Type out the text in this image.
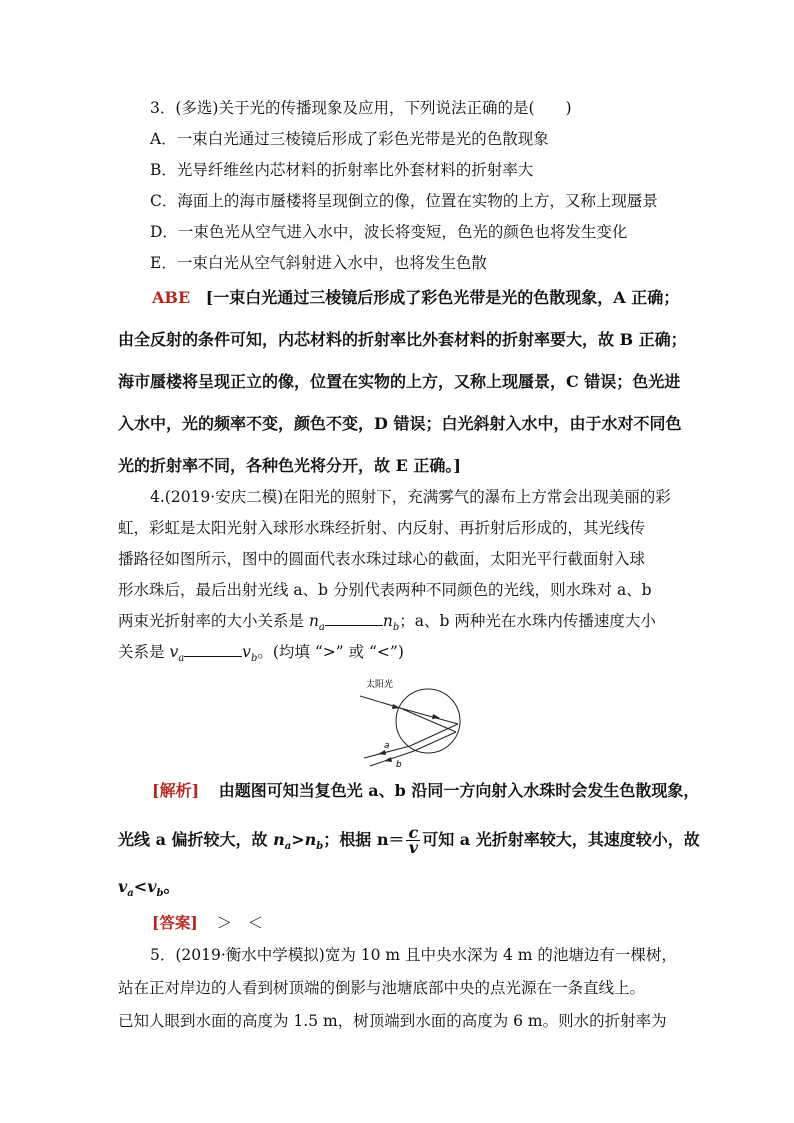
3．(多选)关于光的传播现象及应用，下列说法正确的是(　　)
A．一束白光通过三棱镜后形成了彩色光带是光的色散现象
B．光导纤维丝内芯材料的折射率比外套材料的折射率大
C．海面上的海市蜃楼将呈现倒立的像，位置在实物的上方，又称上现蜃景
D．一束色光从空气进入水中，波长将变短，色光的颜色也将发生变化
E．一束白光从空气斜射进入水中，也将发生色散
ABE [一束白光通过三棱镜后形成了彩色光带是光的色散现象，A 正确；
由全反射的条件可知，内芯材料的折射率比外套材料的折射率要大，故 B 正确；
海市蜃楼将呈现正立的像，位置在实物的上方，又称上现蜃景，C 错误；色光进
入水中，光的频率不变，颜色不变，D 错误；白光斜射入水中，由于水对不同色
光的折射率不同，各种色光将分开，故 E 正确。]
4.(2019·安庆二模)在阳光的照射下，充满雾气的瀑布上方常会出现美丽的彩
虹，彩虹是太阳光射入球形水珠经折射、内反射、再折射后形成的，其光线传
播路径如图所示，图中的圆面代表水珠过球心的截面，太阳光平行截面射入球
形水珠后，最后出射光线 a、b 分别代表两种不同颜色的光线，则水珠对 a、b
两束光折射率的大小关系是 $n_a$	$n_b$；a、b 两种光在水珠内传播速度大小
关系是 $v_a$	$v_b$。(均填 “>” 或 “<”)
太阳光
a
b
[解析] 由题图可知当复色光 a、b 沿同一方向射入水珠时会发生色散现象，
光线 a 偏折较大，故 $n_a>n_b$；根据 $n= \frac{c}{v}$ 可知 a 光折射率较大，其速度较小，故
$v_a<v_b$。
[答案] ＞　＜
5．(2019·衡水中学模拟)宽为 10 m 且中央水深为 4 m 的池塘边有一棵树，
站在正对岸边的人看到树顶端的倒影与池塘底部中央的点光源在一条直线上。
已知人眼到水面的高度为 1.5 m，树顶端到水面的高度为 6 m。则水的折射率为
